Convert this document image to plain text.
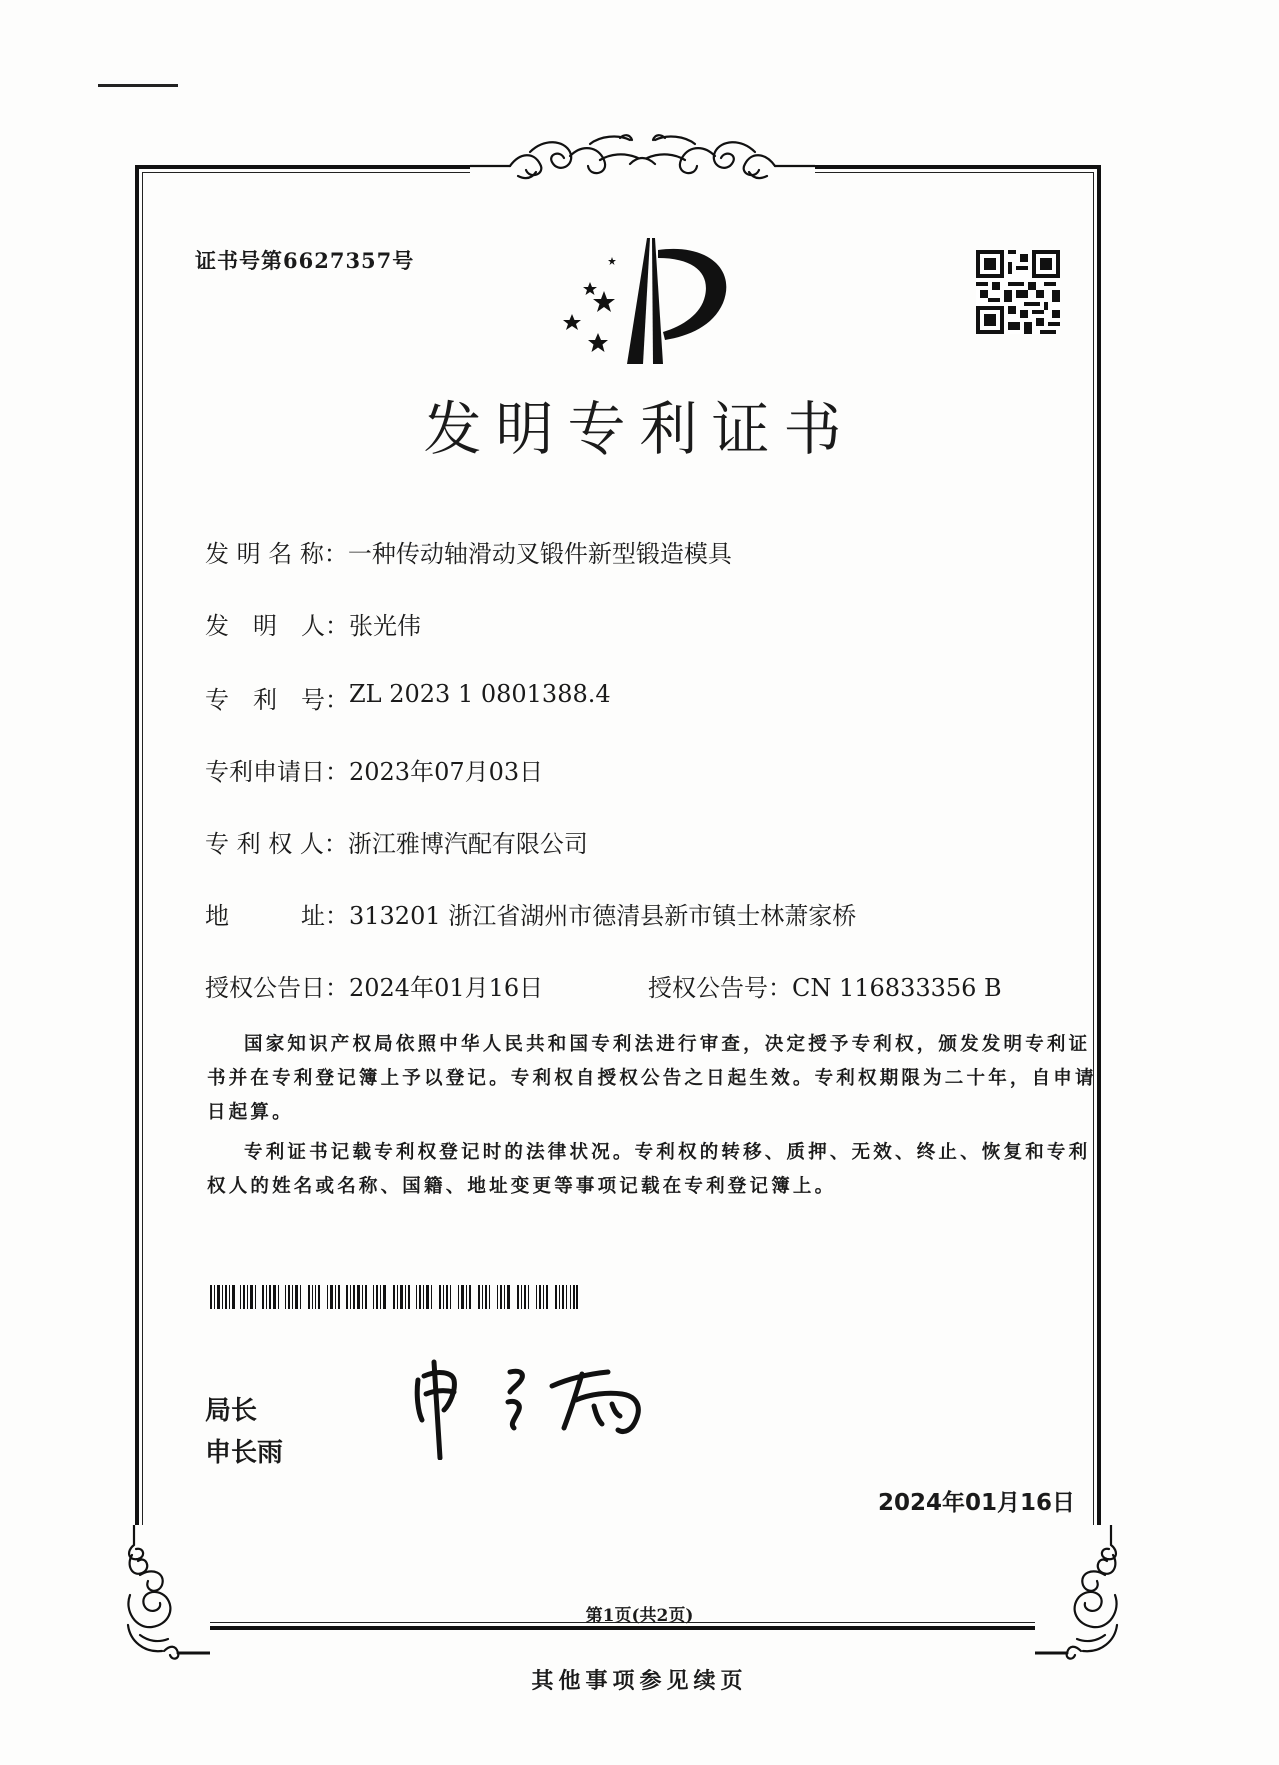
证书号第6627357号
发明专利证书
发 明 名 称： 一种传动轴滑动叉锻件新型锻造模具
发　明　人： 张光伟
专　利　号： ZL 2023 1 0801388.4
专利申请日： 2023年07月03日
专 利 权 人： 浙江雅博汽配有限公司
地　　　址： 313201 浙江省湖州市德清县新市镇士林萧家桥
授权公告日： 2024年01月16日	授权公告号：CN 116833356 B
国家知识产权局依照中华人民共和国专利法进行审查，决定授予专利权，颁发发明专利证书并在专利登记簿上予以登记。专利权自授权公告之日起生效。专利权期限为二十年，自申请日起算。
专利证书记载专利权登记时的法律状况。专利权的转移、质押、无效、终止、恢复和专利权人的姓名或名称、国籍、地址变更等事项记载在专利登记簿上。
局长
申长雨
2024年01月16日
第1页(共2页)
其他事项参见续页
